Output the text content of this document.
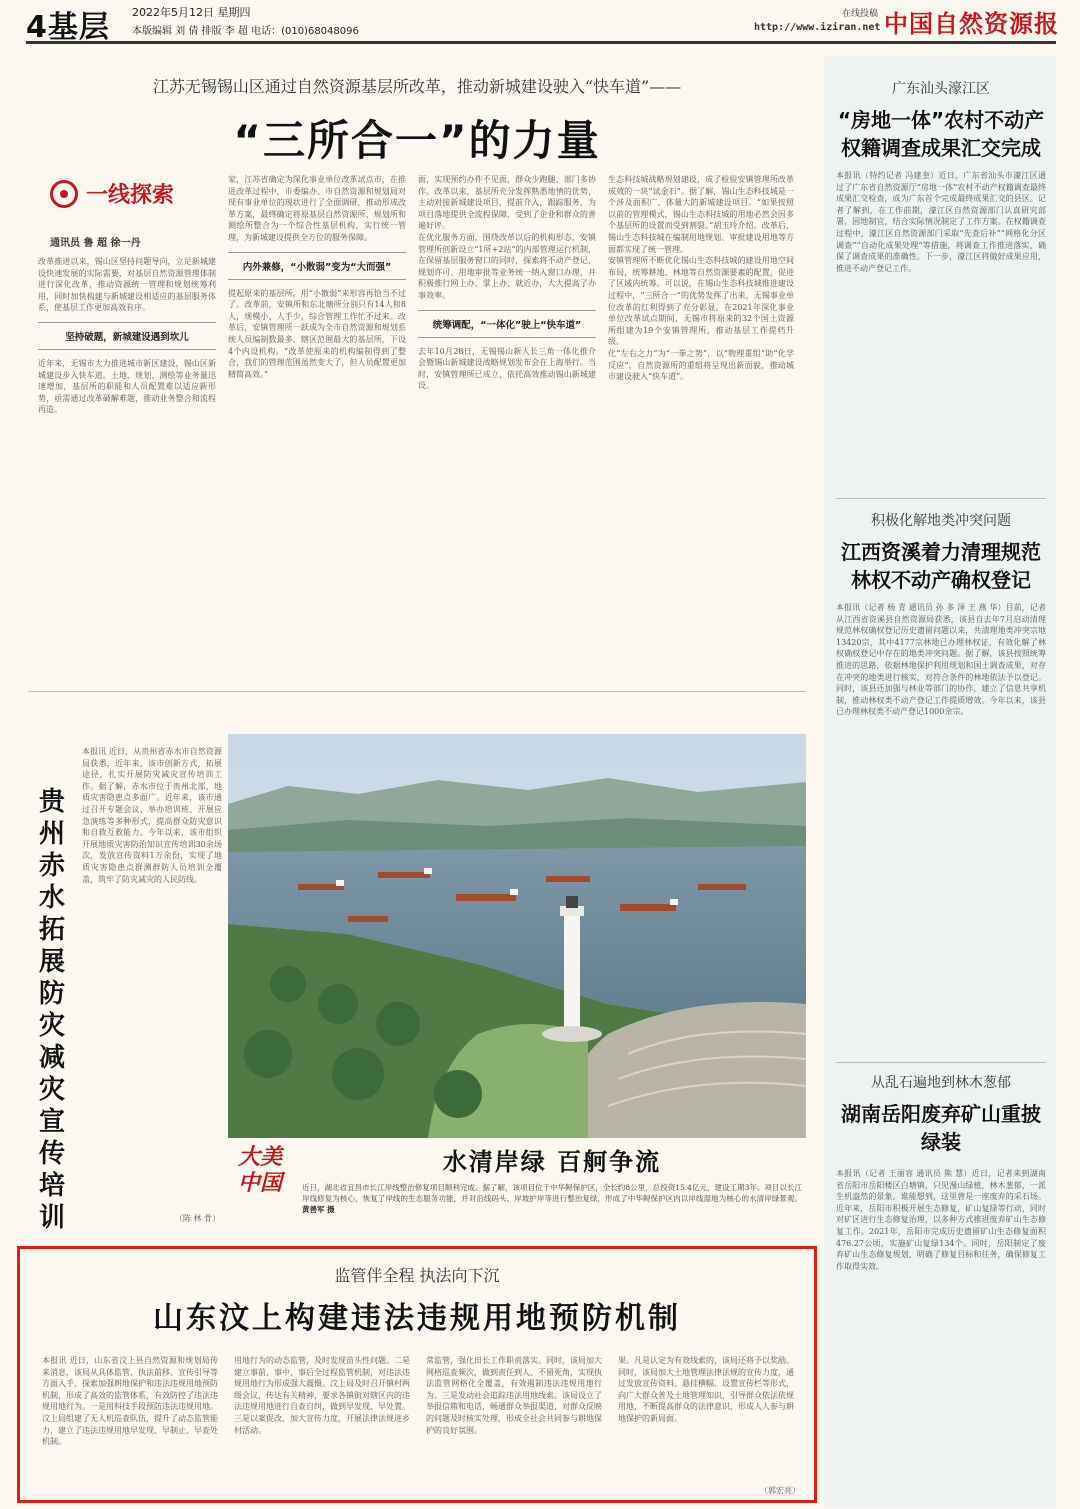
4基层 2022年5月12日 星期四
本版编辑 刘 倩 排版 李 超 电话：(010)68048096
在线投稿
http://www.iziran.net 中国自然资源报
江苏无锡锡山区通过自然资源基层所改革，推动新城建设驶入“快车道”——
“三所合一”的力量
一线探索
通讯员 鲁 超 徐一丹

改革推进以来，锡山区坚持问题导向，立足新城建设快速发展的实际需要，对基层自然资源管理体制进行深化改革，推动资源统一管理和规划统筹利用，同时加快构建与新城建设相适应的基层服务体系，使基层工作更加高效有序。

坚持破题，新城建设遇到坎儿

近年来，无锡市大力推进城市新区建设，锡山区新城建设步入快车道。土地、规划、测绘等业务量迅速增加，基层所的职能和人员配置难以适应新形势，亟需通过改革破解难题，推动业务整合和流程再造。

家，江苏省确定为深化事业单位改革试点市，在推进改革过程中，市委编办、市自然资源和规划局对现有事业单位的现状进行了全面调研，推动形成改革方案，最终确定将原基层自然资源所、规划所和测绘所整合为一个综合性基层机构，实行统一管理，为新城建设提供全方位的服务保障。

内外兼修，“小散弱”变为“大而强”

提起原来的基层所，用“小散弱”来形容再恰当不过了。改革前，安镇所和东北塘所分别只有14人和8人，规模小、人手少，综合管理工作忙不过来。改革后，安镇管理所一跃成为全市自然资源和规划系统人员编制数最多、辖区范围最大的基层所，下设4个内设机构。“改革使原来的机构编制得到了整合，我们的管理范围虽然变大了，但人员配置更加精简高效。”

面，实现预约办件不见面，群众少跑腿、部门多协作。改革以来，基层所充分发挥熟悉地情的优势，主动对接新城建设项目，提前介入，跟踪服务，为项目落地提供全流程保障，受到了企业和群众的普遍好评。

在优化服务方面，围绕改革以后的机构形态，安镇管理所创新设立“1所+2站”的内部管理运行机制，在保留基层服务窗口的同时，探索将不动产登记、规划许可、用地审批等业务统一纳入窗口办理，并积极推行网上办、掌上办、就近办，大大提高了办事效率。

统筹调配，“一体化”驶上“快车道”

去年10月28日，无锡锡山新人长三角一体化推介会暨锡山新城建设战略规划发布会在上海举行。当时，安镇管理所已成立，依托高效推动锡山新城建设。

生态科技城战略规划建设，成了检验安镇管理所改革成效的一块“试金石”。据了解，锡山生态科技城是一个涉及面积广、体量大的新城建设项目。“如果按照以前的管理模式，锡山生态科技城的用地必然会因多个基层所的设置而受到割裂。”胡玉玲介绍。改革后，锡山生态科技城在编制用地规划、审批建设用地等方面都实现了统一管理。

安镇管理所不断优化锡山生态科技城的建设用地空间布局，统筹耕地、林地等自然资源要素的配置，促进了区域内统筹。可以说，在锡山生态科技城推进建设过程中，“三所合一”的优势发挥了出来，无锡事业单位改革的红利得到了充分彰显。在2021年深化事业单位改革试点期间，无锡市将原来的32个国土资源所组建为19个安镇管理所，推动基层工作提档升级。

化“左右之力”为“一拳之势”，以“物理重组”助“化学反应”，自然资源所的重组将呈现出新面貌，推动城市建设驶入“快车道”。

贵州赤水拓展防灾减灾宣传培训

本报讯 近日，从贵州省赤水市自然资源局获悉，近年来，该市创新方式，拓展途径，扎实开展防灾减灾宣传培训工作。据了解，赤水市位于贵州北部，地质灾害隐患点多面广。近年来，该市通过召开专题会议、举办培训班、开展应急演练等多种形式，提高群众防灾意识和自救互救能力。今年以来，该市组织开展地质灾害防治知识宣传培训30余场次，发放宣传资料1万余份，实现了地质灾害隐患点群测群防人员培训全覆盖，筑牢了防灾减灾的人民防线。

（陈 林 骨）
大美中国
水清岸绿 百舸争流

近日，湖北省宜昌市长江岸线整治修复项目顺利完成。据了解，该项目位于中华鲟保护区，全长约8公里，总投资15.4亿元，建设工期3年。项目以长江岸线修复为核心，恢复了岸线的生态服务功能，并对沿线码头、岸坡护岸等进行整治复绿，形成了中华鲟保护区内以岸线湿地为核心的水清岸绿景观。 黄善军 摄

广东汕头濠江区
“房地一体”农村不动产权籍调查成果汇交完成

本报讯（特约记者 冯建奎）近日，广东省汕头市濠江区通过了广东省自然资源厅“房地一体”农村不动产权籍调查最终成果汇交检查，成为广东首个完成最终成果汇交的县区。记者了解到，在工作前期，濠江区自然资源部门认真研究部署，因地制宜，结合实际情况制定了工作方案。在权籍调查过程中，濠江区自然资源部门采取“先查后补”“网格化分区调查”“自动化成果处理”等措施，将调查工作推进落实，确保了调查成果的准确性。下一步，濠江区将做好成果应用，推进不动产登记工作。

积极化解地类冲突问题
江西资溪着力清理规范林权不动产确权登记

本报讯（记者 杨 青 通讯员 孙 多 泽 王 燕 华）目前，记者从江西省资溪县自然资源局获悉，该县自去年7月启动清理规范林权确权登记历史遗留问题以来，共清理地类冲突宗地13420宗，其中4177宗林地已办理林权证，有效化解了林权确权登记中存在的地类冲突问题。据了解，该县按照统筹推进的思路，依据林地保护利用规划和国土调查成果，对存在冲突的地类进行核实，对符合条件的林地依法予以登记。同时，该县还加强与林业等部门的协作，建立了信息共享机制，推动林权类不动产登记工作提质增效。今年以来，该县已办理林权类不动产登记1000余宗。

从乱石遍地到林木葱郁
湖南岳阳废弃矿山重披绿装

本报讯（记者 王丽容 通讯员 熊 慧）近日，记者来到湖南省岳阳市岳阳楼区白塘镇，只见漫山绿植，林木葱郁，一派生机盎然的景象。谁能想到，这里曾是一座废弃的采石场。近年来，岳阳市积极开展生态修复，矿山复绿等行动，同时对矿区进行生态修复治理，以多种方式推进废弃矿山生态修复工作。2021年，岳阳市完成历史遗留矿山生态修复面积476.27公顷，实施矿山复绿134个。同时，岳阳制定了废弃矿山生态修复规划，明确了修复目标和任务，确保修复工作取得实效。

监管伴全程 执法向下沉
山东汶上构建违法违规用地预防机制

本报讯 近日，山东省汶上县自然资源和规划局传来消息，该局从具体监管、执法前移、宣传引导等方面入手，探索加强耕地保护和违法违规用地预防机制，形成了高效的监管体系，有效防控了违法违规用地行为。一是用科技手段预防违法违规用地。汶上局组建了无人机巡查队伍，提升了动态监管能力，建立了违法违规用地早发现、早制止、早查处机制。

用地行为的动态监管，及时发现苗头性问题。二是建立事前、事中、事后全过程监管机制，对违法违规用地行为形成强大震慑。汶上局及时召开镇村两级会议，传达有关精神，要求各镇街对辖区内的违法违规用地进行自查自纠，做到早发现、早处置。三是以案促改，加大宣传力度，开展法律法规进乡村活动。

常监管，强化田长工作职责落实。同时，该局加大网格巡查频次，做到责任到人、不留死角，实现执法监管网格化全覆盖，有效遏制违法违规用地行为。三是发动社会追踪违法用地线索。该局设立了举报信箱和电话，畅通群众举报渠道，对群众反映的问题及时核实处理，形成全社会共同参与耕地保护的良好氛围。

果。凡是认定为有效线索的，该局还将予以奖励。同时，该局加大土地管理法律法规的宣传力度，通过发放宣传资料、悬挂横幅、设置宣传栏等形式，向广大群众普及土地管理知识，引导群众依法依规用地，不断提高群众的法律意识，形成人人参与耕地保护的新局面。

（郭宏亮）
